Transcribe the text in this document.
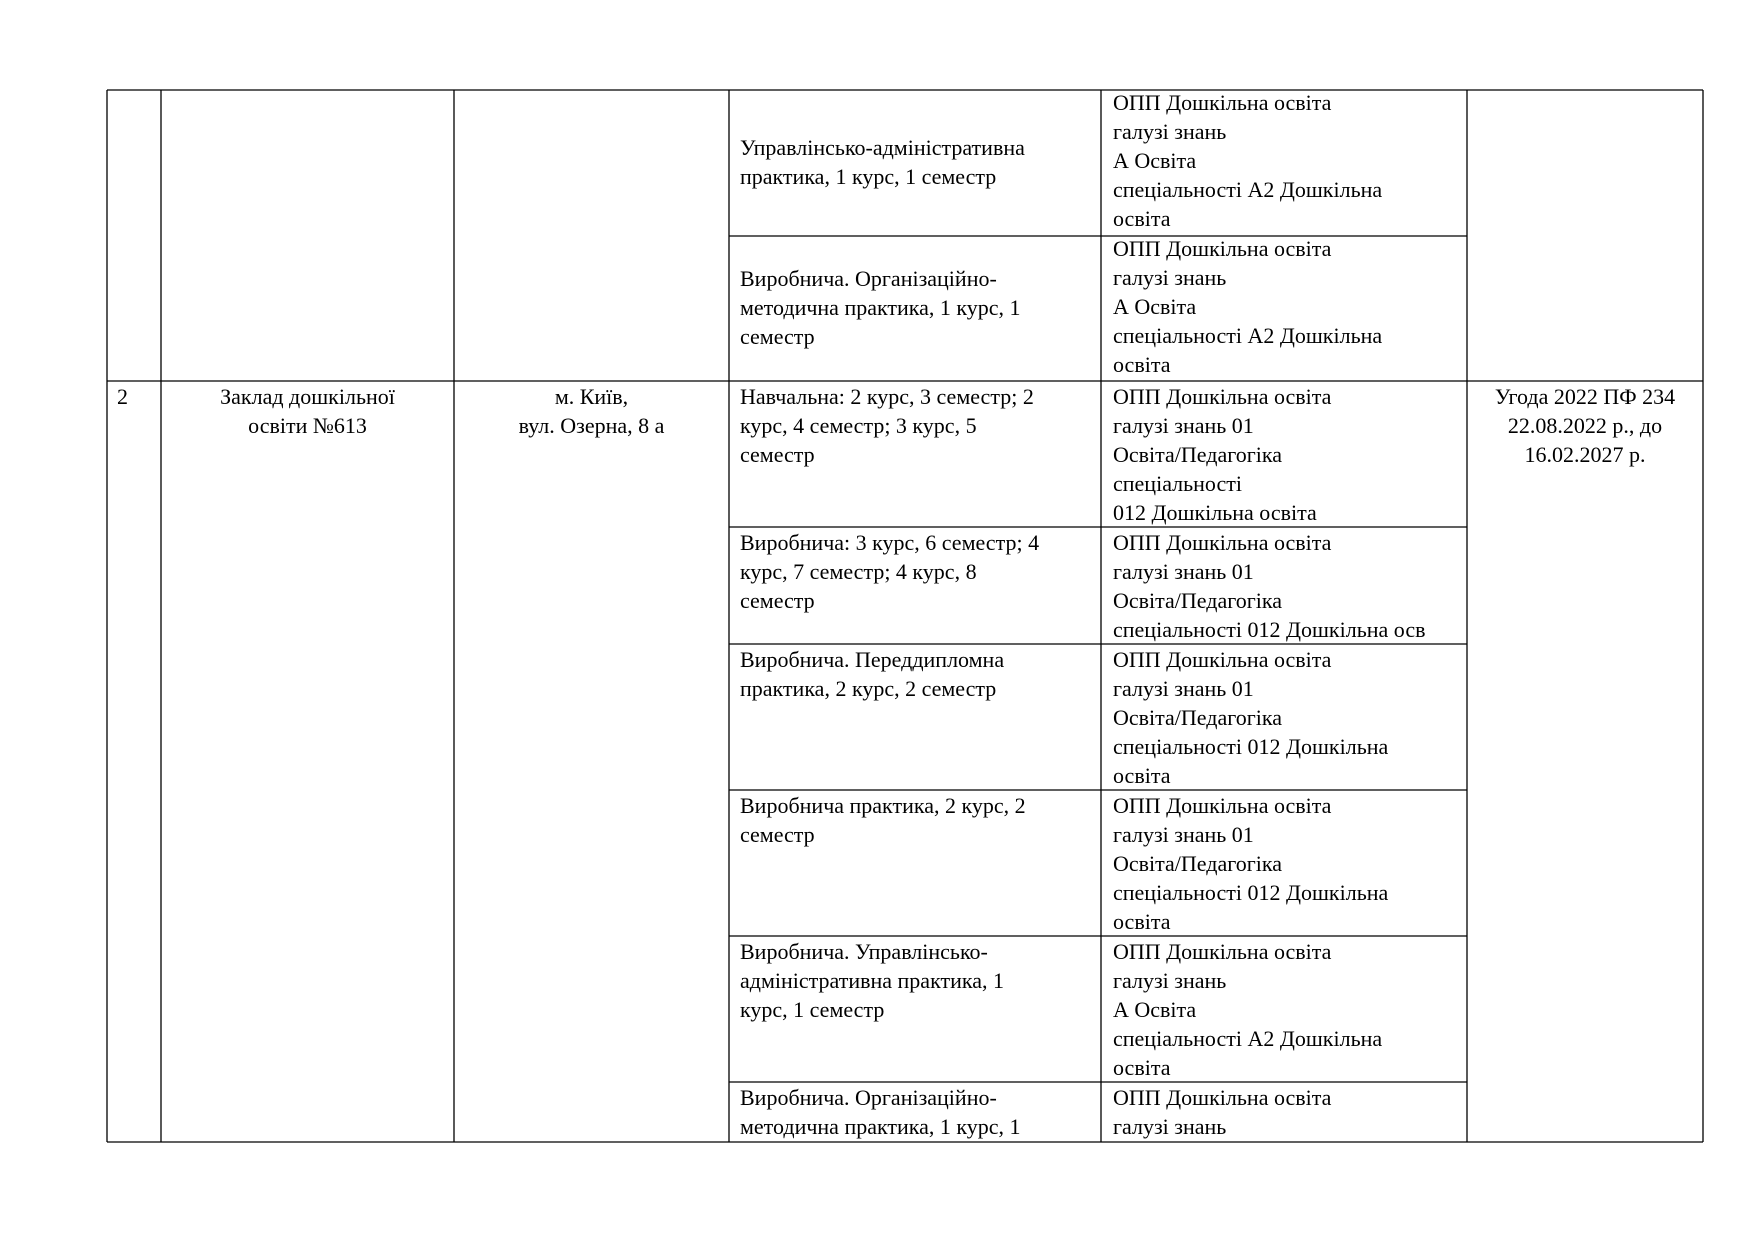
Управлінсько-адміністративна
практика, 1 курс, 1 семестр
ОПП Дошкільна освіта
галузі знань
А Освіта
спеціальності А2 Дошкільна
освіта
Виробнича. Організаційно-
методична практика, 1 курс, 1
семестр
ОПП Дошкільна освіта
галузі знань
А Освіта
спеціальності А2 Дошкільна
освіта
2	Заклад дошкільної
освіти №613
м. Київ,
вул. Озерна, 8 а
Угода 2022 ПФ 234
22.08.2022 р., до
16.02.2027 р.
Навчальна: 2 курс, 3 семестр; 2
курс, 4 семестр; 3 курс, 5
семестр
ОПП Дошкільна освіта
галузі знань 01
Освіта/Педагогіка
спеціальності
012 Дошкільна освіта
Виробнича: 3 курс, 6 семестр; 4
курс, 7 семестр; 4 курс, 8
семестр
ОПП Дошкільна освіта
галузі знань 01
Освіта/Педагогіка
спеціальності 012 Дошкільна осв
Виробнича. Переддипломна
практика, 2 курс, 2 семестр
ОПП Дошкільна освіта
галузі знань 01
Освіта/Педагогіка
спеціальності 012 Дошкільна
освіта
Виробнича практика, 2 курс, 2
семестр
ОПП Дошкільна освіта
галузі знань 01
Освіта/Педагогіка
спеціальності 012 Дошкільна
освіта
Виробнича. Управлінсько-
адміністративна практика, 1
курс, 1 семестр
ОПП Дошкільна освіта
галузі знань
А Освіта
спеціальності А2 Дошкільна
освіта
Виробнича. Організаційно-
методична практика, 1 курс, 1
ОПП Дошкільна освіта
галузі знань
